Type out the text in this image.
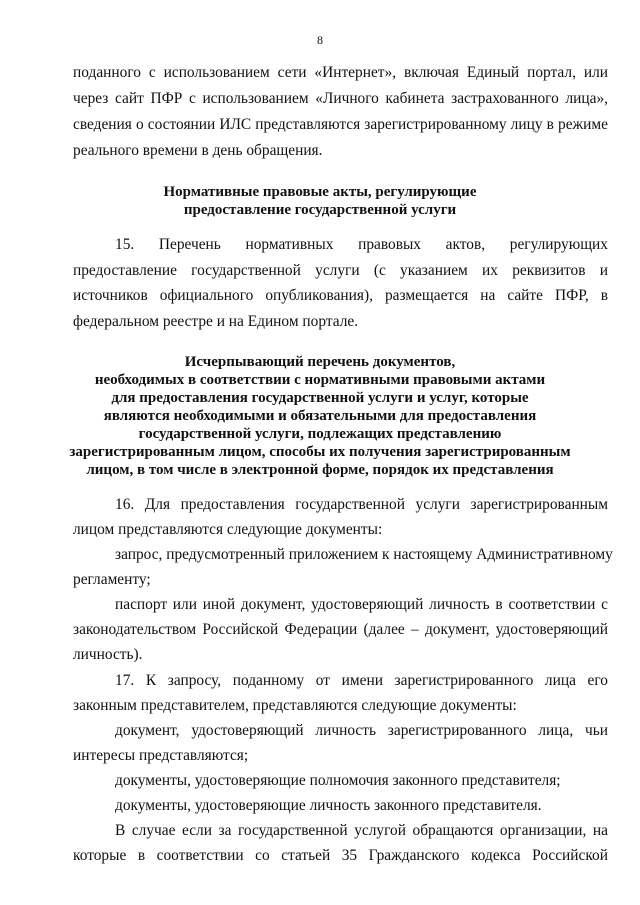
8
поданного с использованием сети «Интернет», включая Единый портал, или
через сайт ПФР с использованием «Личного кабинета застрахованного лица»,
сведения о состоянии ИЛС представляются зарегистрированному лицу в режиме
реального времени в день обращения.
Нормативные правовые акты, регулирующие
предоставление государственной услуги
15. Перечень нормативных правовых актов, регулирующих
предоставление государственной услуги (с указанием их реквизитов и
источников официального опубликования), размещается на сайте ПФР, в
федеральном реестре и на Едином портале.
Исчерпывающий перечень документов,
необходимых в соответствии с нормативными правовыми актами
для предоставления государственной услуги и услуг, которые
являются необходимыми и обязательными для предоставления
государственной услуги, подлежащих представлению
зарегистрированным лицом, способы их получения зарегистрированным
лицом, в том числе в электронной форме, порядок их представления
16. Для предоставления государственной услуги зарегистрированным
лицом представляются следующие документы:
запрос, предусмотренный приложением к настоящему Административному
регламенту;
паспорт или иной документ, удостоверяющий личность в соответствии с
законодательством Российской Федерации (далее – документ, удостоверяющий
личность).
17. К запросу, поданному от имени зарегистрированного лица его
законным представителем, представляются следующие документы:
документ, удостоверяющий личность зарегистрированного лица, чьи
интересы представляются;
документы, удостоверяющие полномочия законного представителя;
документы, удостоверяющие личность законного представителя.
В случае если за государственной услугой обращаются организации, на
которые в соответствии со статьей 35 Гражданского кодекса Российской
